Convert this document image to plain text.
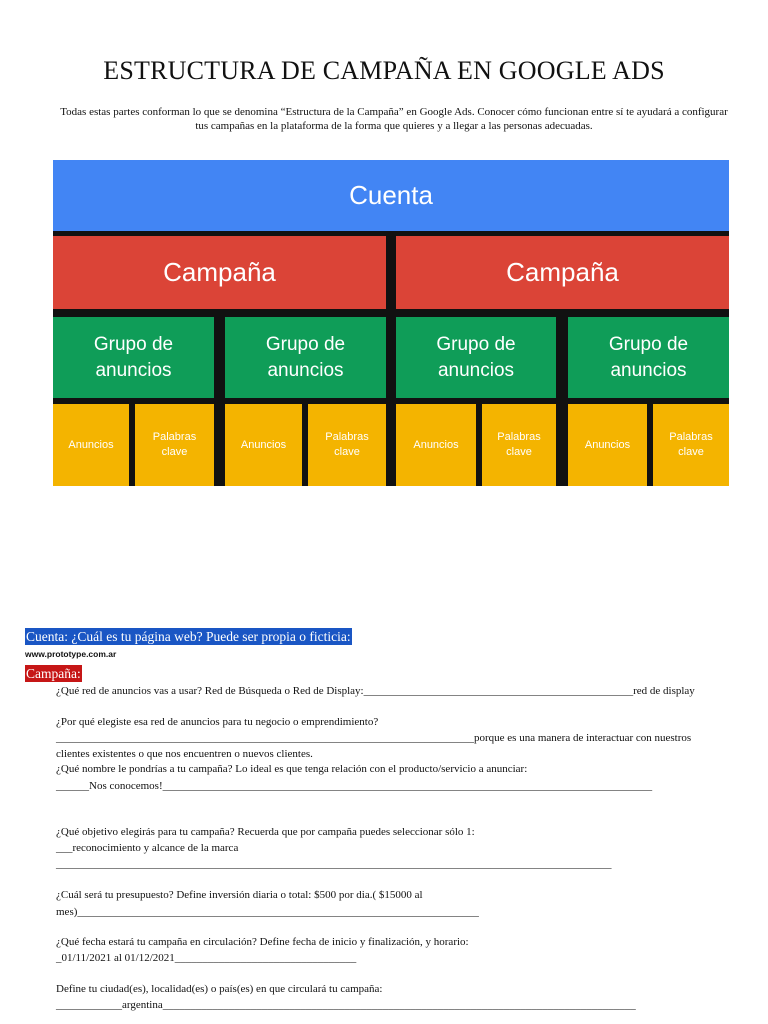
ESTRUCTURA DE CAMPAÑA EN GOOGLE ADS
Todas estas partes conforman lo que se denomina “Estructura de la Campaña” en Google Ads. Conocer cómo funcionan entre sí te ayudará a configurar tus campañas en la plataforma de la forma que quieres y a llegar a las personas adecuadas.
Cuenta
Campaña	Campaña
Grupo de anuncios
Grupo de anuncios
Grupo de anuncios
Grupo de anuncios
Anuncios
Palabras clave
Anuncios
Palabras clave
Anuncios
Palabras clave
Anuncios
Palabras clave
Cuenta: ¿Cuál es tu página web? Puede ser propia o ficticia:
www.prototype.com.ar
Campaña:
¿Qué red de anuncios vas a usar? Red de Búsqueda o Red de Display:_________________________________________________red de display
¿Por qué elegiste esa red de anuncios para tu negocio o emprendimiento?
____________________________________________________________________________porque es una manera de interactuar con nuestros
clientes existentes o que nos encuentren o nuevos clientes.
¿Qué nombre le pondrías a tu campaña? Lo ideal es que tenga relación con el producto/servicio a anunciar:
______Nos conocemos!_________________________________________________________________________________________
¿Qué objetivo elegirás para tu campaña? Recuerda que por campaña puedes seleccionar sólo 1:
___reconocimiento y alcance de la marca
_____________________________________________________________________________________________________
¿Cuál será tu presupuesto? Define inversión diaria o total: $500 por dia.( $15000 al
mes)_________________________________________________________________________
¿Qué fecha estará tu campaña en circulación? Define fecha de inicio y finalización, y horario:
_01/11/2021 al 01/12/2021_________________________________
Define tu ciudad(es), localidad(es) o país(es) en que circulará tu campaña:
____________argentina______________________________________________________________________________________
